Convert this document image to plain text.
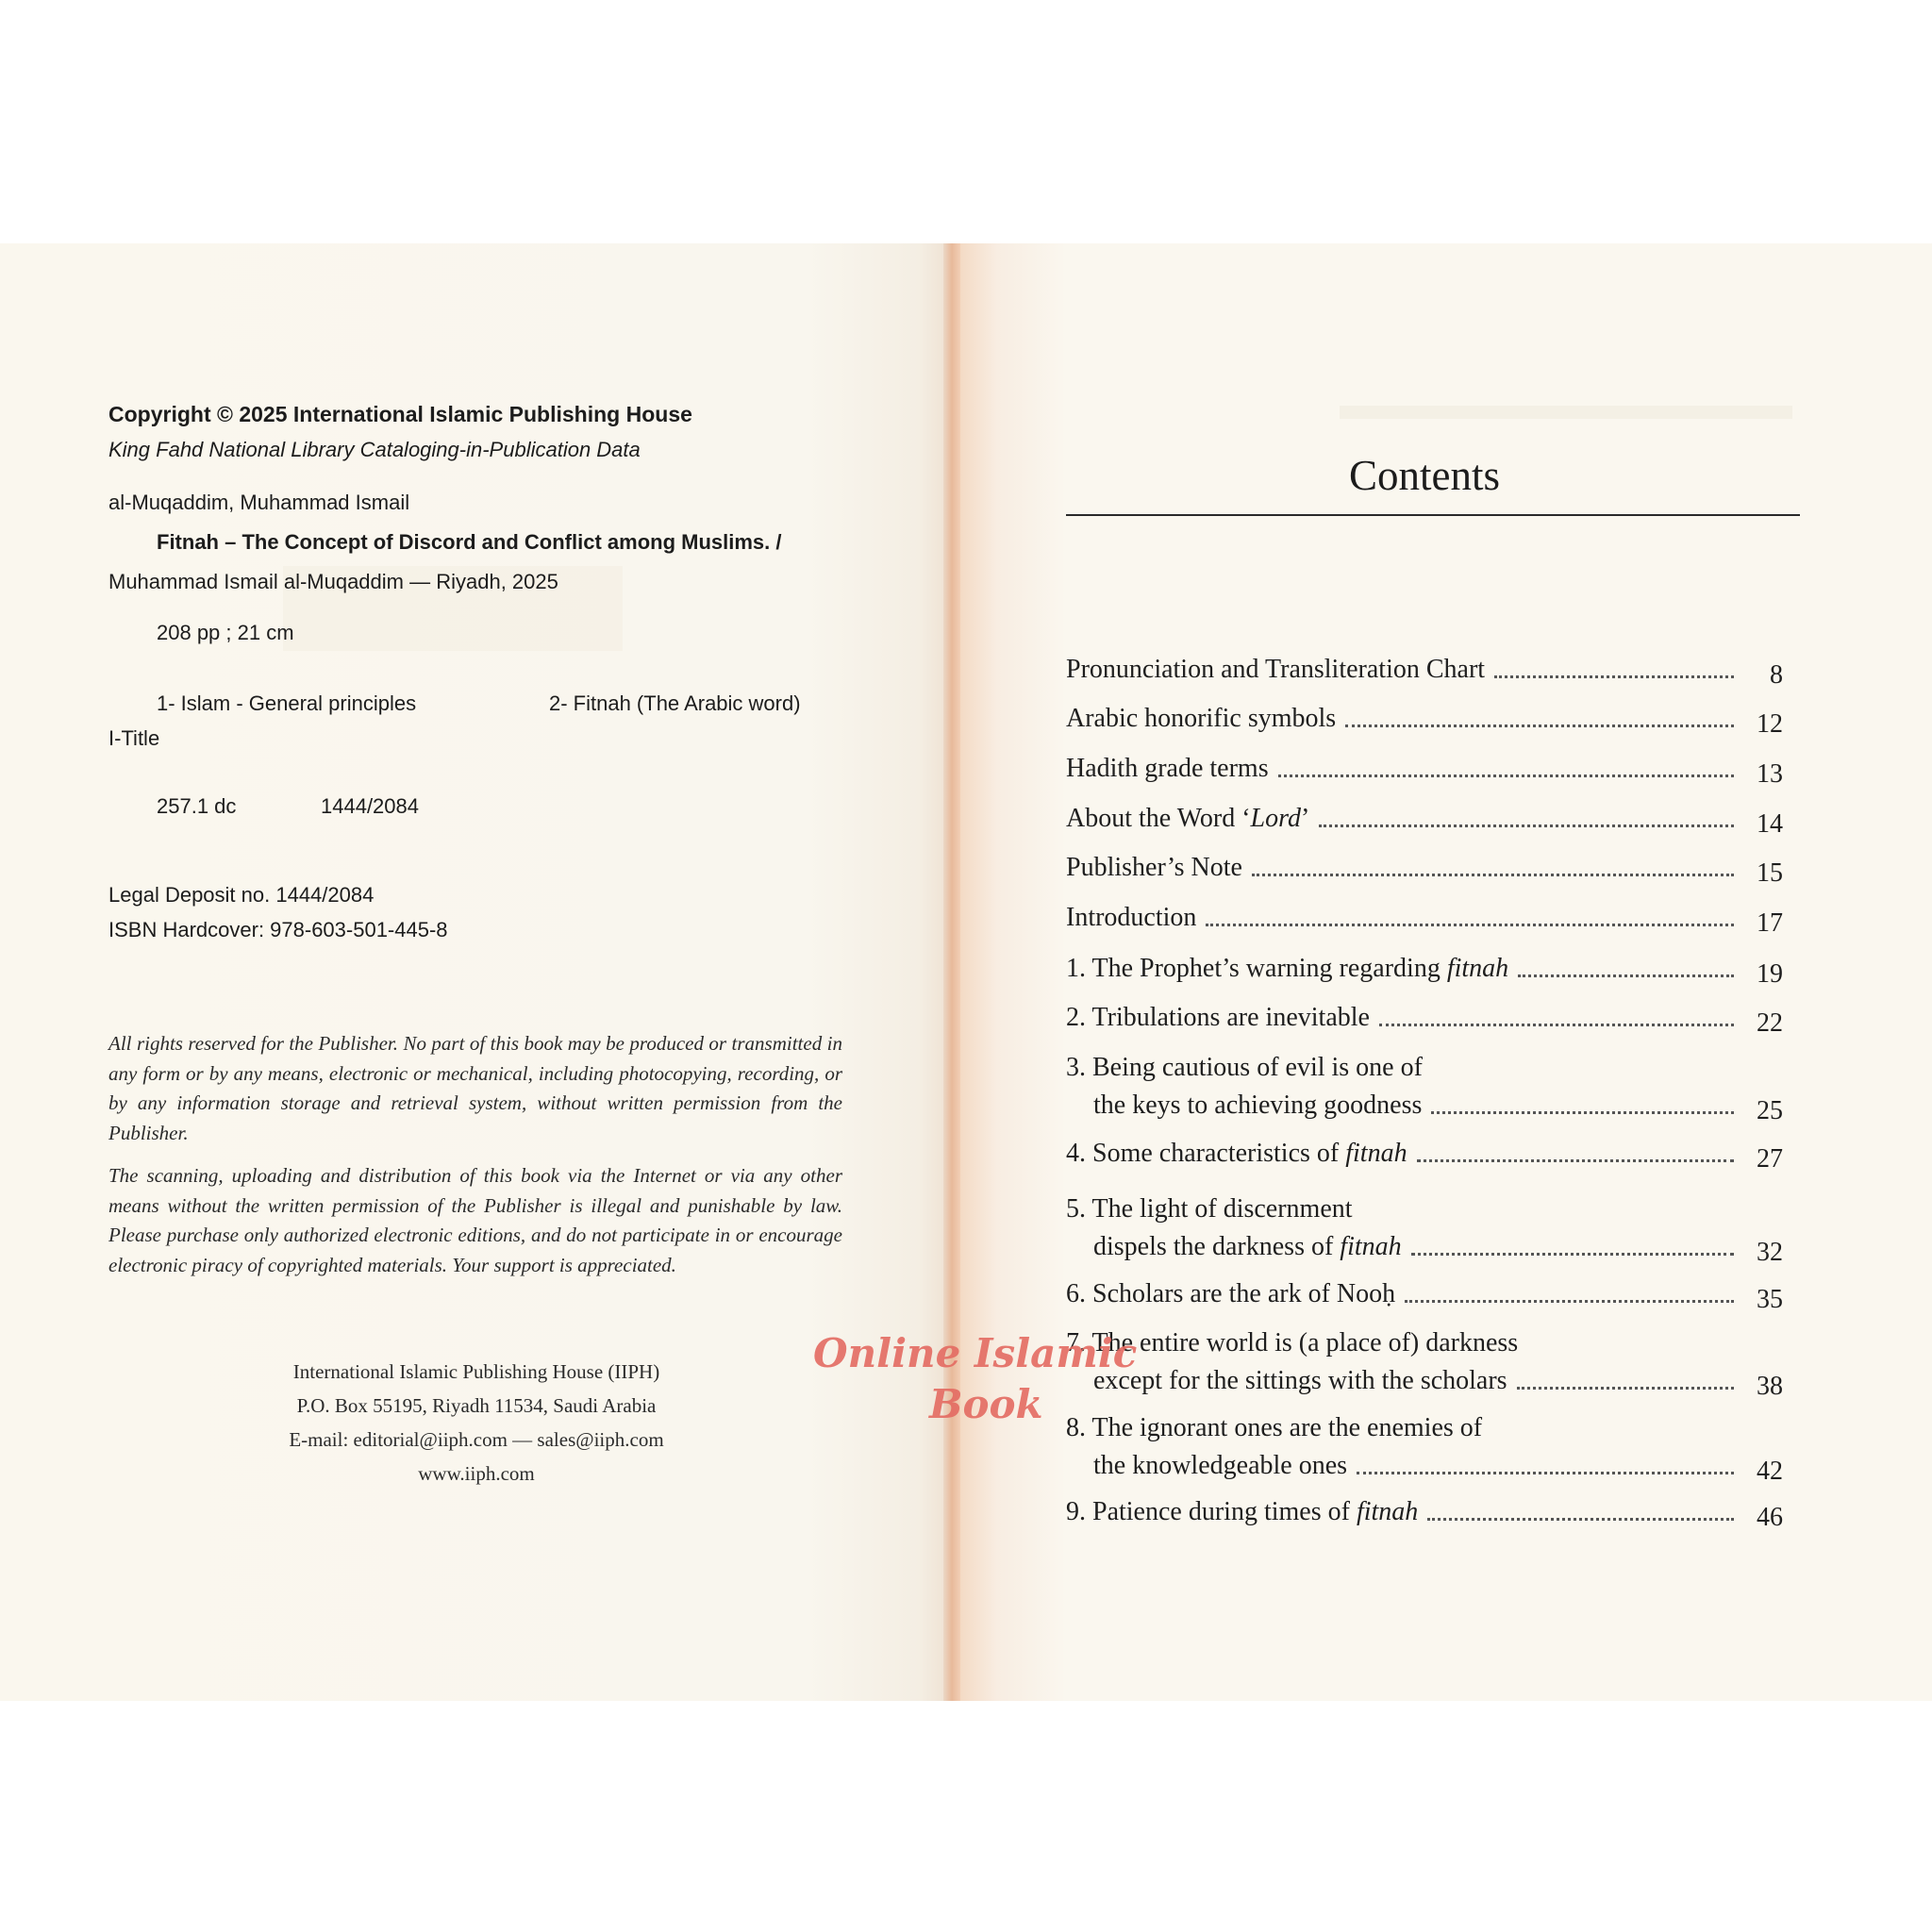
Copyright © 2025 International Islamic Publishing House

King Fahd National Library Cataloging-in-Publication Data

al-Muqaddim, Muhammad Ismail

Fitnah – The Concept of Discord and Conflict among Muslims. /

Muhammad Ismail al-Muqaddim — Riyadh, 2025

208 pp ; 21 cm

1- Islam - General principles	2- Fitnah (The Arabic word)

I-Title

257.1 dc	1444/2084

Legal Deposit no. 1444/2084

ISBN Hardcover: 978-603-501-445-8

All rights reserved for the Publisher. No part of this book may be produced or transmitted in any form or by any means, electronic or mechanical, including photocopying, recording, or by any information storage and retrieval system, without written permission from the Publisher.

The scanning, uploading and distribution of this book via the Internet or via any other means without the written permission of the Publisher is illegal and punishable by law. Please purchase only authorized electronic editions, and do not participate in or encourage electronic piracy of copyrighted materials. Your support is appreciated.

International Islamic Publishing House (IIPH)

P.O. Box 55195, Riyadh 11534, Saudi Arabia

E-mail: editorial@iiph.com — sales@iiph.com

www.iiph.com

Contents

Pronunciation and Transliteration Chart	8
Arabic honorific symbols	12
Hadith grade terms	13
About the Word ‘Lord’	14
Publisher’s Note	15
Introduction	17
1. The Prophet’s warning regarding fitnah	19
2. Tribulations are inevitable	22
3. Being cautious of evil is one of
the keys to achieving goodness	25
4. Some characteristics of fitnah	27
5. The light of discernment
dispels the darkness of fitnah	32
6. Scholars are the ark of Nooḥ	35
7. The entire world is (a place of) darkness
except for the sittings with the scholars	38
8. The ignorant ones are the enemies of
the knowledgeable ones	42
9. Patience during times of fitnah	46

Online Islamic

Book
